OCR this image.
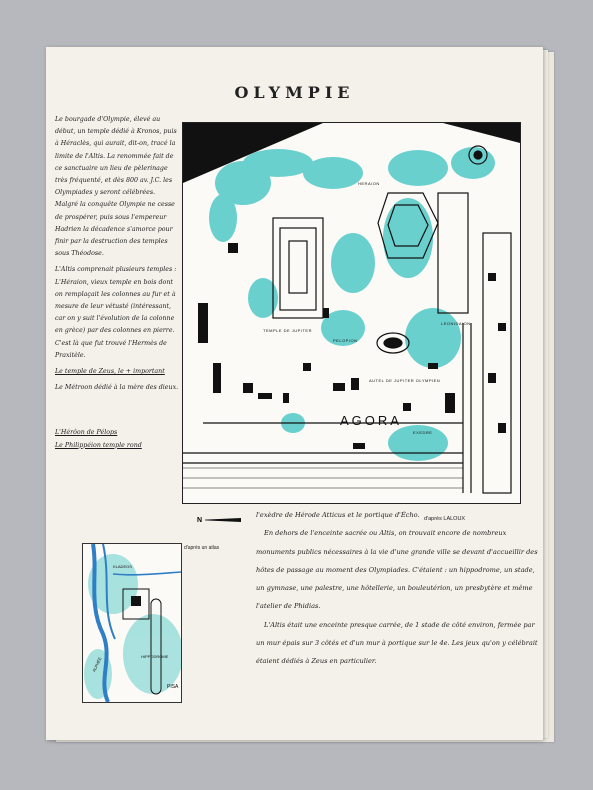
OLYMPIE
Le bourgade d'Olympie, élevé au début, un temple dédié à Kronos, puis à Héraclès, qui aurait, dit-on, tracé la limite de l'Altis. La renommée fait de ce sanctuaire un lieu de pèlerinage très fréquenté, et dès 800 av. J.C. les Olympiades y seront célébrées. Malgré la conquête Olympie ne cesse de prospérer, puis sous l'empereur Hadrien la décadence s'amorce pour finir par la destruction des temples sous Théodose.
L'Altis comprenait plusieurs temples : L'Héraion, vieux temple en bois dont on remplaçait les colonnes au fur et à mesure de leur vétusté (intéressant, car on y suit l'évolution de la colonne en grèce) par des colonnes en pierre. C'est là que fut trouvé l'Hermès de Praxitèle.
Le temple de Zeus, le + important
Le Métroon dédié à la mère des dieux.
L'Hérôon de Pélops
Le Philippéion temple rond
AGORA
AUTEL DE JUPITER OLYMPIEN
HERAION
TEMPLE DE JUPITER
PELOPION
LEONIDAION
EXEDRE
N	d'après LALOUX
ALPHÉE	HIPPODROME
PISA
KLADEOS
d'après un atlas
l'exèdre de Hérode Atticus et le portique d'Écho.
En dehors de l'enceinte sacrée ou Altis, on trouvait encore de nombreux monuments publics nécessaires à la vie d'une grande ville se devant d'accueillir des hôtes de passage au moment des Olympiades. C'étaient : un hippodrome, un stade, un gymnase, une palestre, une hôtellerie, un bouleutérion, un presbytère et même l'atelier de Phidias.
L'Altis était une enceinte presque carrée, de 1 stade de côté environ, fermée par un mur épais sur 3 côtés et d'un mur à portique sur le 4e. Les jeux qu'on y célébrait étaient dédiés à Zeus en particulier.
